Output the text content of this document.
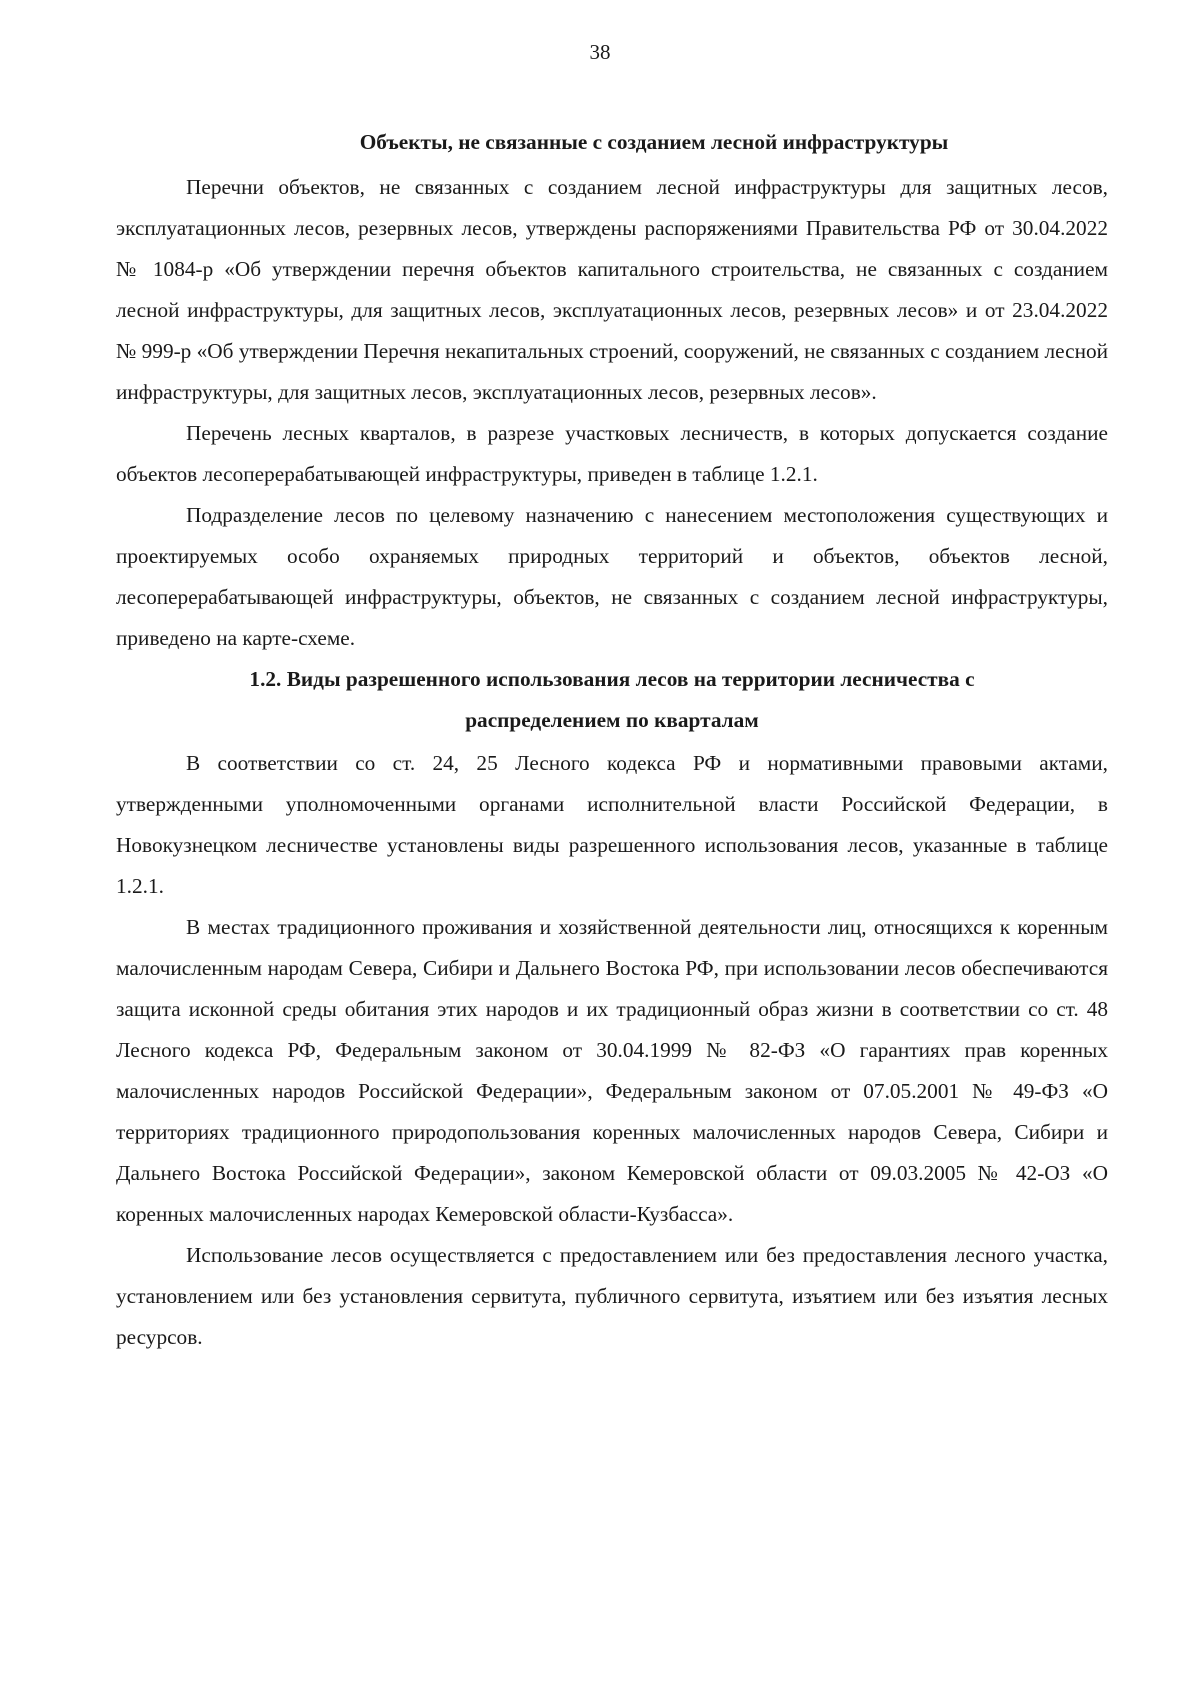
38
Объекты, не связанные с созданием лесной инфраструктуры

Перечни объектов, не связанных с созданием лесной инфраструктуры для защитных лесов, эксплуатационных лесов, резервных лесов, утверждены распоряжениями Правительства РФ от 30.04.2022 № 1084-р «Об утверждении перечня объектов капитального строительства, не связанных с созданием лесной инфраструктуры, для защитных лесов, эксплуатационных лесов, резервных лесов» и от 23.04.2022 № 999-р «Об утверждении Перечня некапитальных строений, сооружений, не связанных с созданием лесной инфраструктуры, для защитных лесов, эксплуатационных лесов, резервных лесов».

Перечень лесных кварталов, в разрезе участковых лесничеств, в которых допускается создание объектов лесоперерабатывающей инфраструктуры, приведен в таблице 1.2.1.

Подразделение лесов по целевому назначению с нанесением местоположения существующих и проектируемых особо охраняемых природных территорий и объектов, объектов лесной, лесоперерабатывающей инфраструктуры, объектов, не связанных с созданием лесной инфраструктуры, приведено на карте-схеме.

1.2. Виды разрешенного использования лесов на территории лесничества с
распределением по кварталам

В соответствии со ст. 24, 25 Лесного кодекса РФ и нормативными правовыми актами, утвержденными уполномоченными органами исполнительной власти Российской Федерации, в Новокузнецком лесничестве установлены виды разрешенного использования лесов, указанные в таблице 1.2.1.

В местах традиционного проживания и хозяйственной деятельности лиц, относящихся к коренным малочисленным народам Севера, Сибири и Дальнего Востока РФ, при использовании лесов обеспечиваются защита исконной среды обитания этих народов и их традиционный образ жизни в соответствии со ст. 48 Лесного кодекса РФ, Федеральным законом от 30.04.1999 № 82-ФЗ «О гарантиях прав коренных малочисленных народов Российской Федерации», Федеральным законом от 07.05.2001 № 49-ФЗ «О территориях традиционного природопользования коренных малочисленных народов Севера, Сибири и Дальнего Востока Российской Федерации», законом Кемеровской области от 09.03.2005 № 42-ОЗ «О коренных малочисленных народах Кемеровской области-Кузбасса».

Использование лесов осуществляется с предоставлением или без предоставления лесного участка, установлением или без установления сервитута, публичного сервитута, изъятием или без изъятия лесных ресурсов.
